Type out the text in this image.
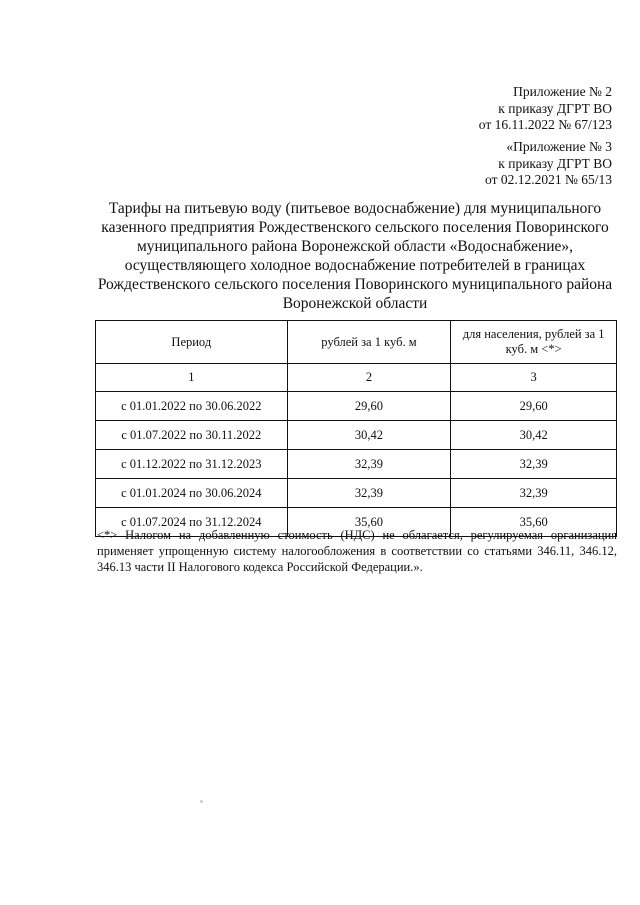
Приложение № 2
к приказу ДГРТ ВО
от 16.11.2022 № 67/123
«Приложение № 3
к приказу ДГРТ ВО
от 02.12.2021 № 65/13
Тарифы на питьевую воду (питьевое водоснабжение) для муниципального казенного предприятия Рождественского сельского поселения Поворинского муниципального района Воронежской области «Водоснабжение», осуществляющего холодное водоснабжение потребителей в границах Рождественского сельского поселения Поворинского муниципального района Воронежской области
Период	рублей за 1 куб. м	для населения, рублей за 1 куб. м <*>
1	2	3
с 01.01.2022 по 30.06.2022	29,60	29,60
с 01.07.2022 по 30.11.2022	30,42	30,42
с 01.12.2022 по 31.12.2023	32,39	32,39
с 01.01.2024 по 30.06.2024	32,39	32,39
с 01.07.2024 по 31.12.2024	35,60	35,60
<*> Налогом на добавленную стоимость (НДС) не облагается, регулируемая организация применяет упрощенную систему налогообложения в соответствии со статьями 346.11, 346.12, 346.13 части II Налогового кодекса Российской Федерации.».
